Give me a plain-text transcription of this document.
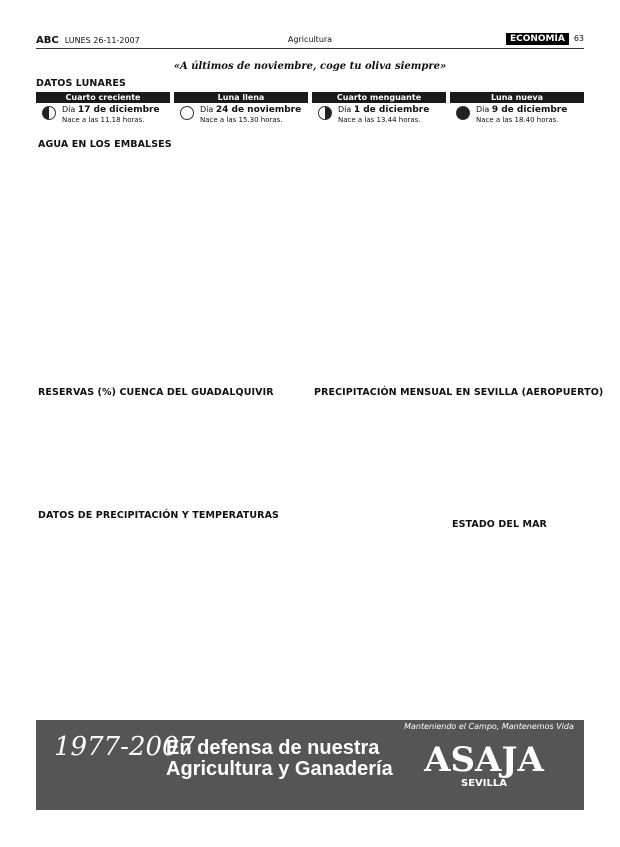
ABC LUNES 26-11-2007	Agricultura	ECONOMÍA 63
«A últimos de noviembre, coge tu oliva siempre»
DATOS LUNARES
Cuarto creciente
Día 17 de diciembre
Nace a las 11.18 horas.
Luna llena
Día 24 de noviembre
Nace a las 15.30 horas.
Cuarto menguante
Día 1 de diciembre
Nace a las 13.44 horas.
Luna nueva
Día 9 de diciembre
Nace a las 18.40 horas.
AGUA EN LOS EMBALSES
RESERVAS (%) CUENCA DEL GUADALQUIVIR	PRECIPITACIÓN MENSUAL EN SEVILLA (AEROPUERTO)
DATOS DE PRECIPITACIÓN Y TEMPERATURAS
ESTADO DEL MAR
1977-2007
En defensa de nuestra Agricultura y Ganadería
Manteniendo el Campo, Mantenemos Vida
ASAJA
SEVILLA
